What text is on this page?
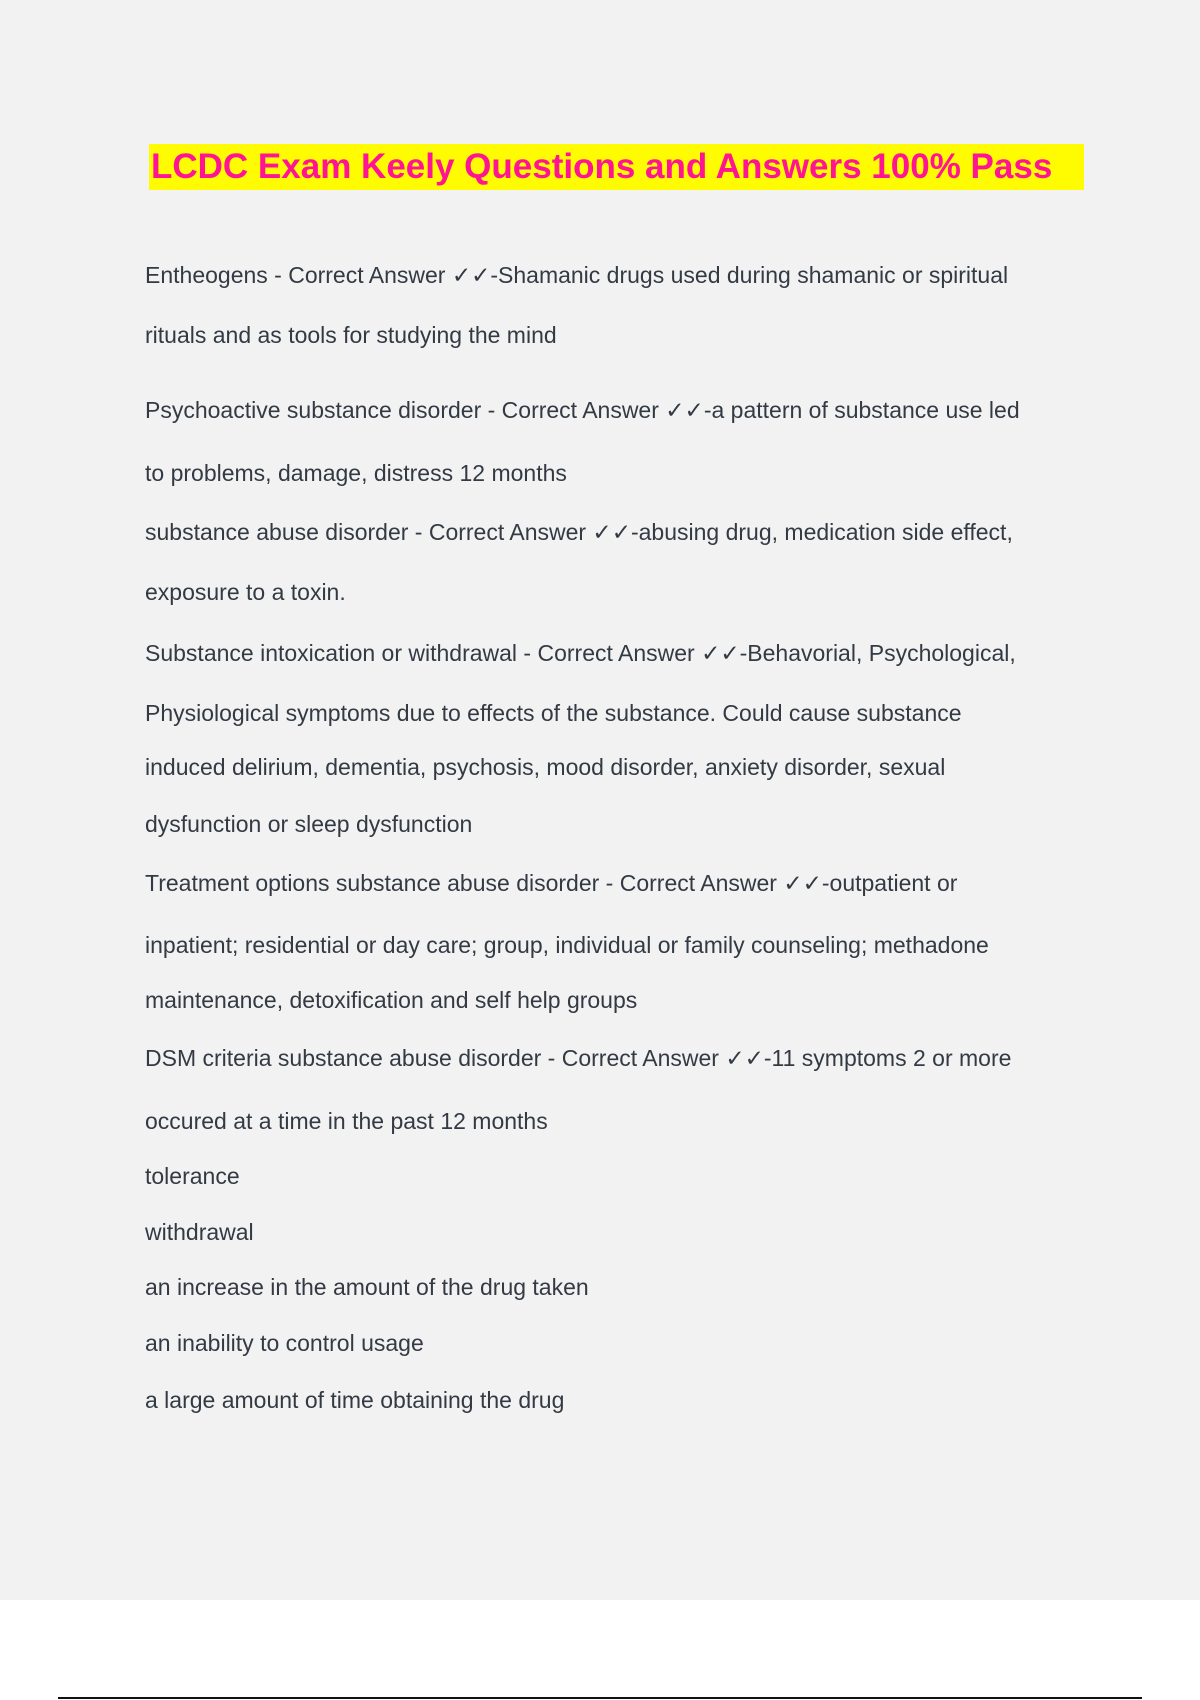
LCDC Exam Keely Questions and Answers 100% Pass
Entheogens - Correct Answer ✓✓-Shamanic drugs used during shamanic or spiritual
rituals and as tools for studying the mind
Psychoactive substance disorder - Correct Answer ✓✓-a pattern of substance use led
to problems, damage, distress 12 months
substance abuse disorder - Correct Answer ✓✓-abusing drug, medication side effect,
exposure to a toxin.
Substance intoxication or withdrawal - Correct Answer ✓✓-Behavorial, Psychological,
Physiological symptoms due to effects of the substance. Could cause substance
induced delirium, dementia, psychosis, mood disorder, anxiety disorder, sexual
dysfunction or sleep dysfunction
Treatment options substance abuse disorder - Correct Answer ✓✓-outpatient or
inpatient; residential or day care; group, individual or family counseling; methadone
maintenance, detoxification and self help groups
DSM criteria substance abuse disorder - Correct Answer ✓✓-11 symptoms 2 or more
occured at a time in the past 12 months
tolerance
withdrawal
an increase in the amount of the drug taken
an inability to control usage
a large amount of time obtaining the drug
